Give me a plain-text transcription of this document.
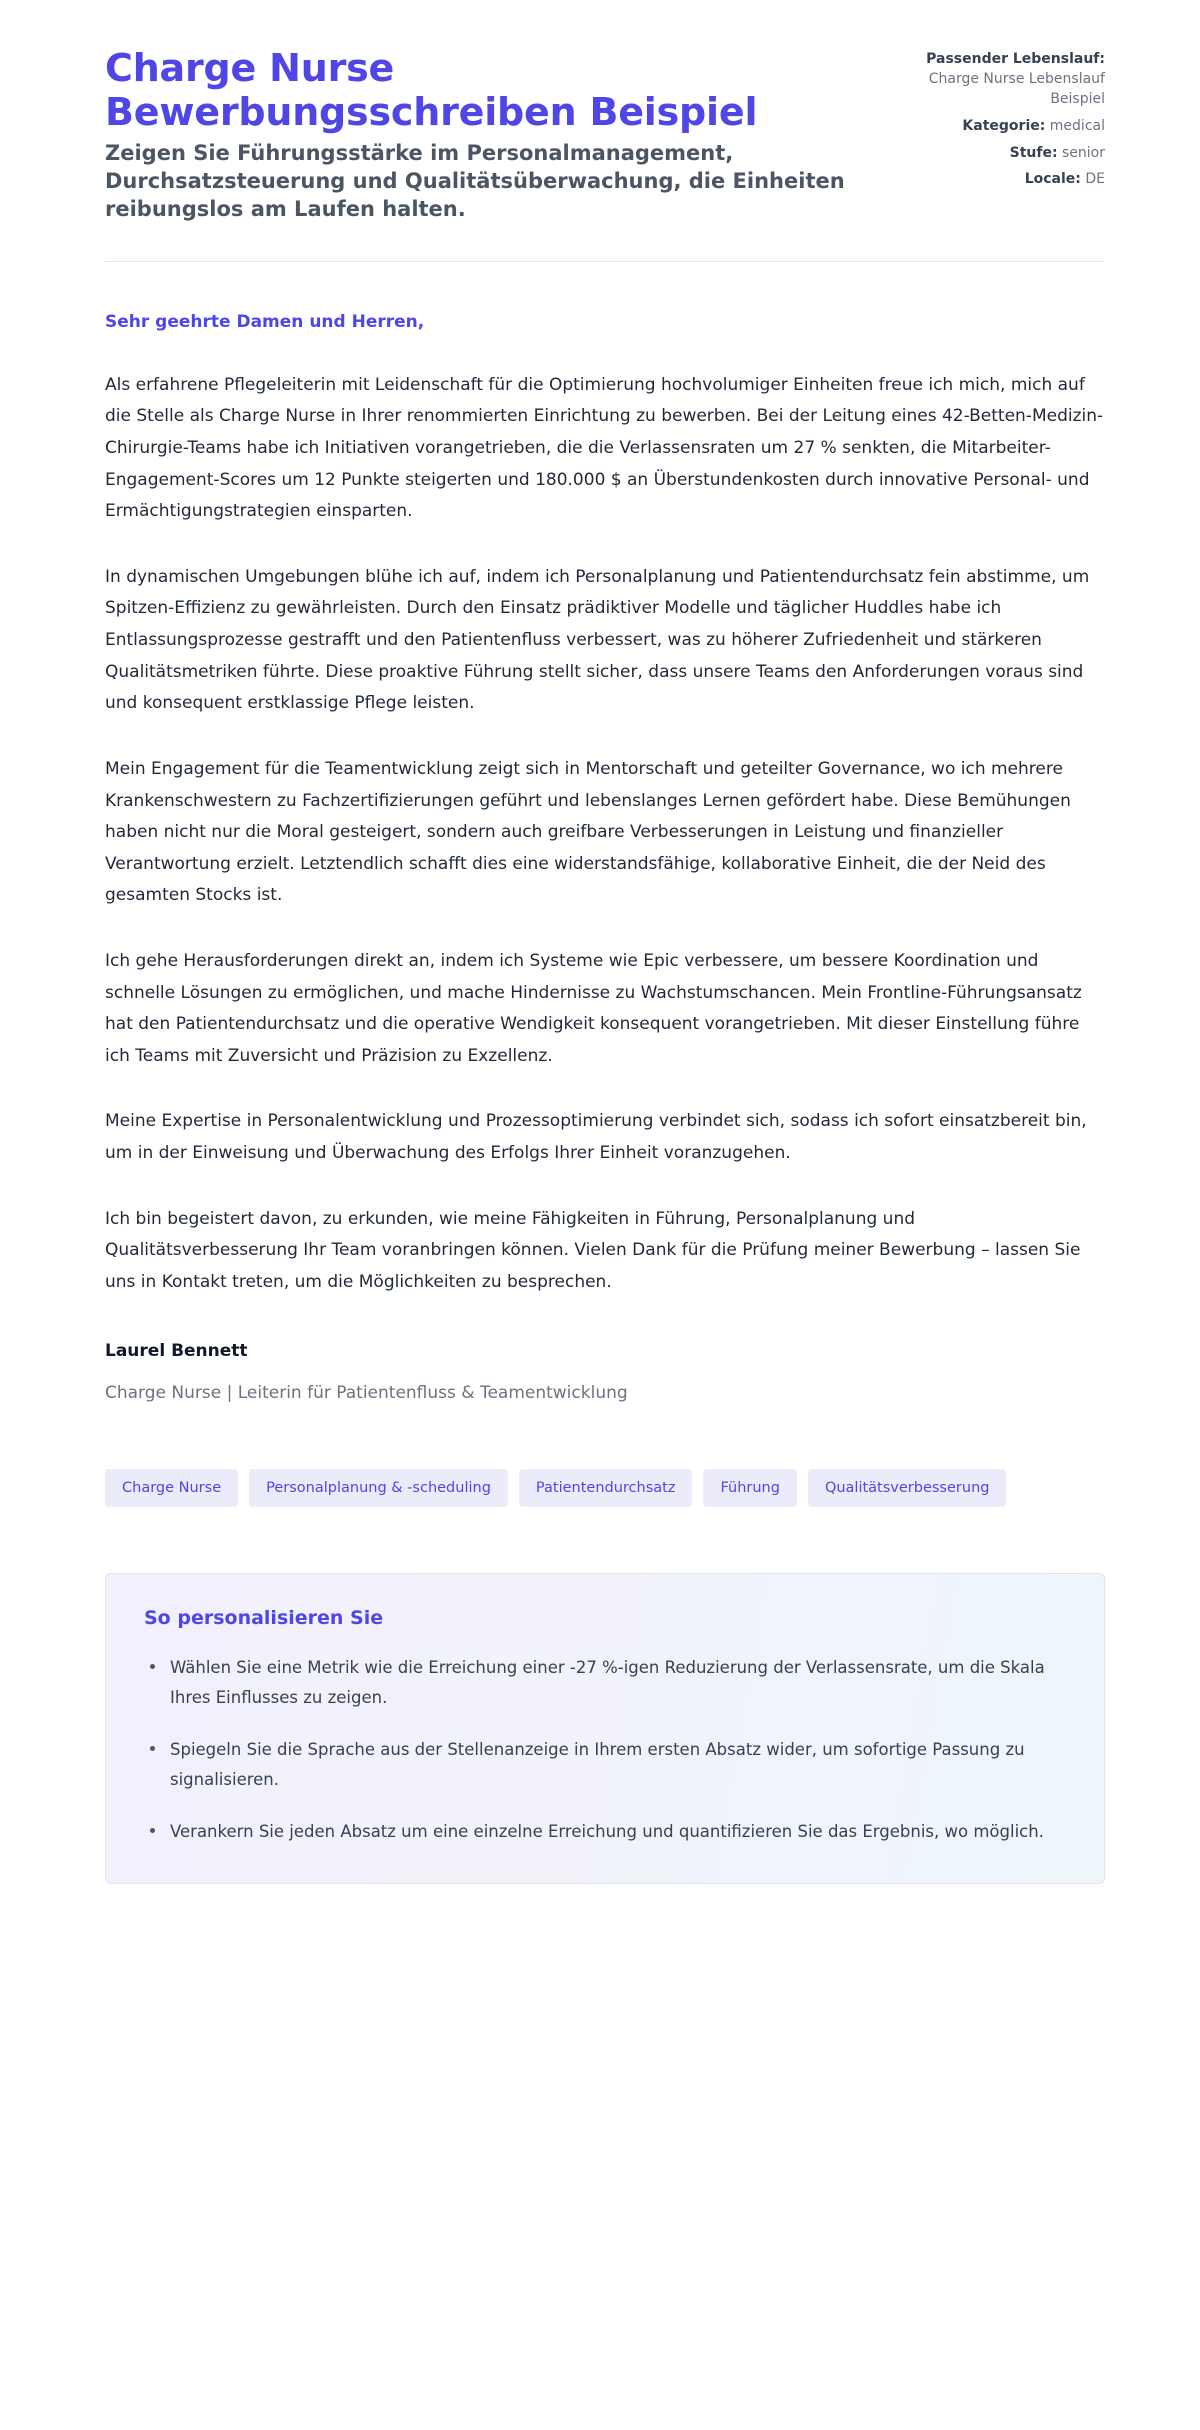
Charge Nurse Bewerbungsschreiben Beispiel

Zeigen Sie Führungsstärke im Personalmanagement, Durchsatzsteuerung und Qualitätsüberwachung, die Einheiten reibungslos am Laufen halten.

Passender Lebenslauf: Charge Nurse Lebenslauf Beispiel
Kategorie: medical
Stufe: senior
Locale: DE

Sehr geehrte Damen und Herren,

Als erfahrene Pflegeleiterin mit Leidenschaft für die Optimierung hochvolumiger Einheiten freue ich mich, mich auf die Stelle als Charge Nurse in Ihrer renommierten Einrichtung zu bewerben. Bei der Leitung eines 42-Betten-Medizin-Chirurgie-Teams habe ich Initiativen vorangetrieben, die die Verlassensraten um 27 % senkten, die Mitarbeiter-Engagement-Scores um 12 Punkte steigerten und 180.000 $ an Überstundenkosten durch innovative Personal- und Ermächtigungstrategien einsparten.

In dynamischen Umgebungen blühe ich auf, indem ich Personalplanung und Patientendurchsatz fein abstimme, um Spitzen-Effizienz zu gewährleisten. Durch den Einsatz prädiktiver Modelle und täglicher Huddles habe ich Entlassungsprozesse gestrafft und den Patientenfluss verbessert, was zu höherer Zufriedenheit und stärkeren Qualitätsmetriken führte. Diese proaktive Führung stellt sicher, dass unsere Teams den Anforderungen voraus sind und konsequent erstklassige Pflege leisten.

Mein Engagement für die Teamentwicklung zeigt sich in Mentorschaft und geteilter Governance, wo ich mehrere Krankenschwestern zu Fachzertifizierungen geführt und lebenslanges Lernen gefördert habe. Diese Bemühungen haben nicht nur die Moral gesteigert, sondern auch greifbare Verbesserungen in Leistung und finanzieller Verantwortung erzielt. Letztendlich schafft dies eine widerstandsfähige, kollaborative Einheit, die der Neid des gesamten Stocks ist.

Ich gehe Herausforderungen direkt an, indem ich Systeme wie Epic verbessere, um bessere Koordination und schnelle Lösungen zu ermöglichen, und mache Hindernisse zu Wachstumschancen. Mein Frontline-Führungsansatz hat den Patientendurchsatz und die operative Wendigkeit konsequent vorangetrieben. Mit dieser Einstellung führe ich Teams mit Zuversicht und Präzision zu Exzellenz.

Meine Expertise in Personalentwicklung und Prozessoptimierung verbindet sich, sodass ich sofort einsatzbereit bin, um in der Einweisung und Überwachung des Erfolgs Ihrer Einheit voranzugehen.

Ich bin begeistert davon, zu erkunden, wie meine Fähigkeiten in Führung, Personalplanung und Qualitätsverbesserung Ihr Team voranbringen können. Vielen Dank für die Prüfung meiner Bewerbung – lassen Sie uns in Kontakt treten, um die Möglichkeiten zu besprechen.

Laurel Bennett

Charge Nurse | Leiterin für Patientenfluss & Teamentwicklung

Charge Nurse	Personalplanung & -scheduling	Patientendurchsatz	Führung	Qualitätsverbesserung
So personalisieren Sie
Wählen Sie eine Metrik wie die Erreichung einer -27 %-igen Reduzierung der Verlassensrate, um die Skala Ihres Einflusses zu zeigen.
Spiegeln Sie die Sprache aus der Stellenanzeige in Ihrem ersten Absatz wider, um sofortige Passung zu signalisieren.
Verankern Sie jeden Absatz um eine einzelne Erreichung und quantifizieren Sie das Ergebnis, wo möglich.
